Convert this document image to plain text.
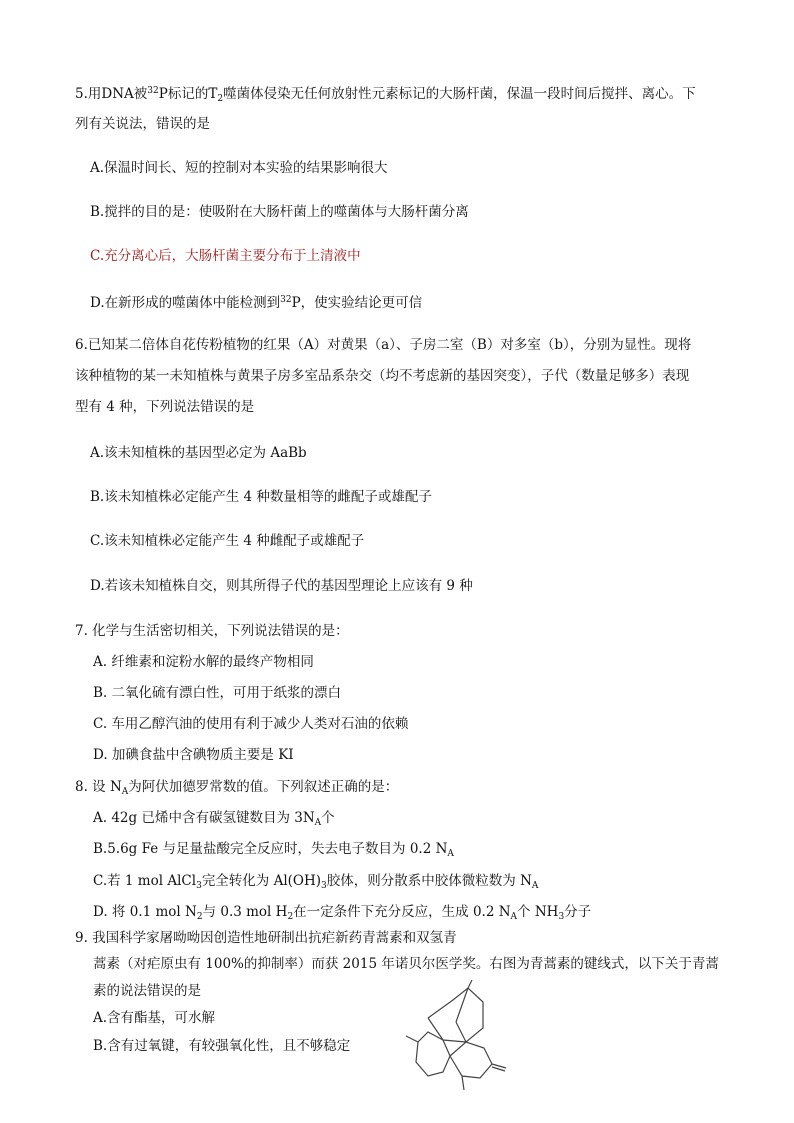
5.用DNA被$^{32}$P标记的$T_2$噬菌体侵染无任何放射性元素标记的大肠杆菌，保温一段时间后搅拌、离心。下
列有关说法，错误的是
A.保温时间长、短的控制对本实验的结果影响很大
B.搅拌的目的是：使吸附在大肠杆菌上的噬菌体与大肠杆菌分离
C.充分离心后，大肠杆菌主要分布于上清液中
D.在新形成的噬菌体中能检测到$^{32}$P，使实验结论更可信
6.已知某二倍体自花传粉植物的红果（A）对黄果（a）、子房二室（B）对多室（b），分别为显性。现将
该种植物的某一未知植株与黄果子房多室品系杂交（均不考虑新的基因突变），子代（数量足够多）表现
型有 4 种，下列说法错误的是
A.该未知植株的基因型必定为 AaBb
B.该未知植株必定能产生 4 种数量相等的雌配子或雄配子
C.该未知植株必定能产生 4 种雌配子或雄配子
D.若该未知植株自交，则其所得子代的基因型理论上应该有 9 种
7. 化学与生活密切相关，下列说法错误的是：
A. 纤维素和淀粉水解的最终产物相同
B. 二氧化硫有漂白性，可用于纸浆的漂白
C. 车用乙醇汽油的使用有利于减少人类对石油的依赖
D. 加碘食盐中含碘物质主要是 KI
8. 设 $N_A$为阿伏加德罗常数的值。下列叙述正确的是：
A. 42g 已烯中含有碳氢键数目为 $3N_A$个
B.5.6g Fe 与足量盐酸完全反应时，失去电子数目为 0.2 $N_A$
C.若 1 mol AlCl$_3$完全转化为 $Al(OH)_3$胶体，则分散系中胶体微粒数为 $N_A$
D. 将 0.1 mol $N_2$与 0.3 mol $H_2$在一定条件下充分反应，生成 0.2 $N_A$个 $NH_3$分子
9. 我国科学家屠呦呦因创造性地研制出抗疟新药青蒿素和双氢青
蒿素（对疟原虫有 100%的抑制率）而获 2015 年诺贝尔医学奖。右图为青蒿素的键线式，以下关于青蒿
素的说法错误的是
A.含有酯基，可水解
B.含有过氧键，有较强氧化性，且不够稳定
